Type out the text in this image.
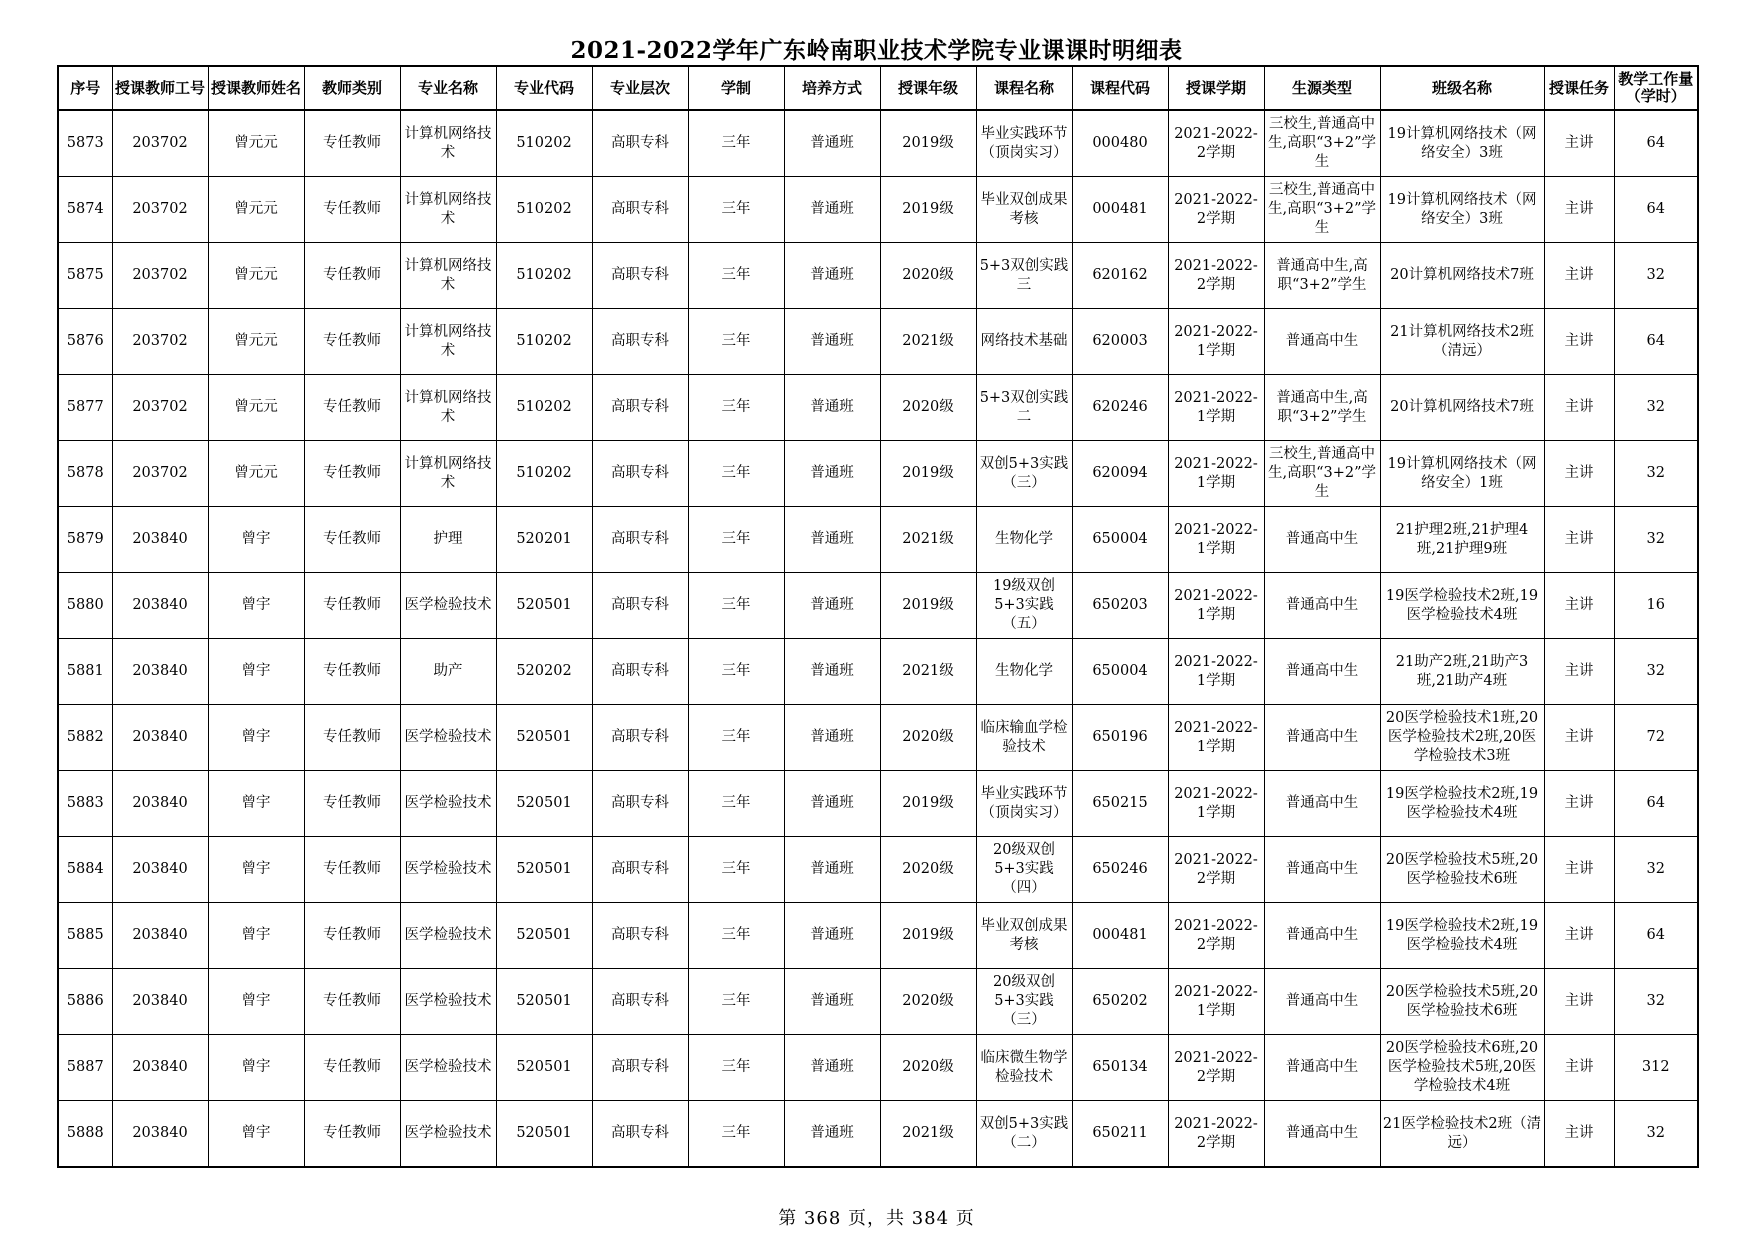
2021-2022学年广东岭南职业技术学院专业课课时明细表
序号	授课教师工号	授课教师姓名	教师类别	专业名称	专业代码	专业层次	学制	培养方式	授课年级	课程名称	课程代码	授课学期	生源类型	班级名称	授课任务	教学工作量（学时）

5873	203702	曾元元	专任教师	计算机网络技术	510202	高职专科	三年	普通班	2019级	毕业实践环节（顶岗实习）	000480	2021-2022-2学期	三校生,普通高中生,高职“3+2”学生	19计算机网络技术（网络安全）3班	主讲	64

5874	203702	曾元元	专任教师	计算机网络技术	510202	高职专科	三年	普通班	2019级	毕业双创成果考核	000481	2021-2022-2学期	三校生,普通高中生,高职“3+2”学生	19计算机网络技术（网络安全）3班	主讲	64

5875	203702	曾元元	专任教师	计算机网络技术	510202	高职专科	三年	普通班	2020级	5+3双创实践三	620162	2021-2022-2学期	普通高中生,高职“3+2”学生	20计算机网络技术7班	主讲	32

5876	203702	曾元元	专任教师	计算机网络技术	510202	高职专科	三年	普通班	2021级	网络技术基础	620003	2021-2022-1学期	普通高中生	21计算机网络技术2班（清远）	主讲	64

5877	203702	曾元元	专任教师	计算机网络技术	510202	高职专科	三年	普通班	2020级	5+3双创实践二	620246	2021-2022-1学期	普通高中生,高职“3+2”学生	20计算机网络技术7班	主讲	32

5878	203702	曾元元	专任教师	计算机网络技术	510202	高职专科	三年	普通班	2019级	双创5+3实践（三）	620094	2021-2022-1学期	三校生,普通高中生,高职“3+2”学生	19计算机网络技术（网络安全）1班	主讲	32

5879	203840	曾宇	专任教师	护理	520201	高职专科	三年	普通班	2021级	生物化学	650004	2021-2022-1学期	普通高中生	21护理2班,21护理4班,21护理9班	主讲	32

5880	203840	曾宇	专任教师	医学检验技术	520501	高职专科	三年	普通班	2019级	19级双创5+3实践（五）	650203	2021-2022-1学期	普通高中生	19医学检验技术2班,19医学检验技术4班	主讲	16

5881	203840	曾宇	专任教师	助产	520202	高职专科	三年	普通班	2021级	生物化学	650004	2021-2022-1学期	普通高中生	21助产2班,21助产3班,21助产4班	主讲	32

5882	203840	曾宇	专任教师	医学检验技术	520501	高职专科	三年	普通班	2020级	临床输血学检验技术	650196	2021-2022-1学期	普通高中生	20医学检验技术1班,20医学检验技术2班,20医学检验技术3班	主讲	72

5883	203840	曾宇	专任教师	医学检验技术	520501	高职专科	三年	普通班	2019级	毕业实践环节（顶岗实习）	650215	2021-2022-1学期	普通高中生	19医学检验技术2班,19医学检验技术4班	主讲	64

5884	203840	曾宇	专任教师	医学检验技术	520501	高职专科	三年	普通班	2020级	20级双创5+3实践（四）	650246	2021-2022-2学期	普通高中生	20医学检验技术5班,20医学检验技术6班	主讲	32

5885	203840	曾宇	专任教师	医学检验技术	520501	高职专科	三年	普通班	2019级	毕业双创成果考核	000481	2021-2022-2学期	普通高中生	19医学检验技术2班,19医学检验技术4班	主讲	64

5886	203840	曾宇	专任教师	医学检验技术	520501	高职专科	三年	普通班	2020级	20级双创5+3实践（三）	650202	2021-2022-1学期	普通高中生	20医学检验技术5班,20医学检验技术6班	主讲	32

5887	203840	曾宇	专任教师	医学检验技术	520501	高职专科	三年	普通班	2020级	临床微生物学检验技术	650134	2021-2022-2学期	普通高中生	20医学检验技术6班,20医学检验技术5班,20医学检验技术4班	主讲	312

5888	203840	曾宇	专任教师	医学检验技术	520501	高职专科	三年	普通班	2021级	双创5+3实践（二）	650211	2021-2022-2学期	普通高中生	21医学检验技术2班（清远）	主讲	32
第 368 页，共 384 页
